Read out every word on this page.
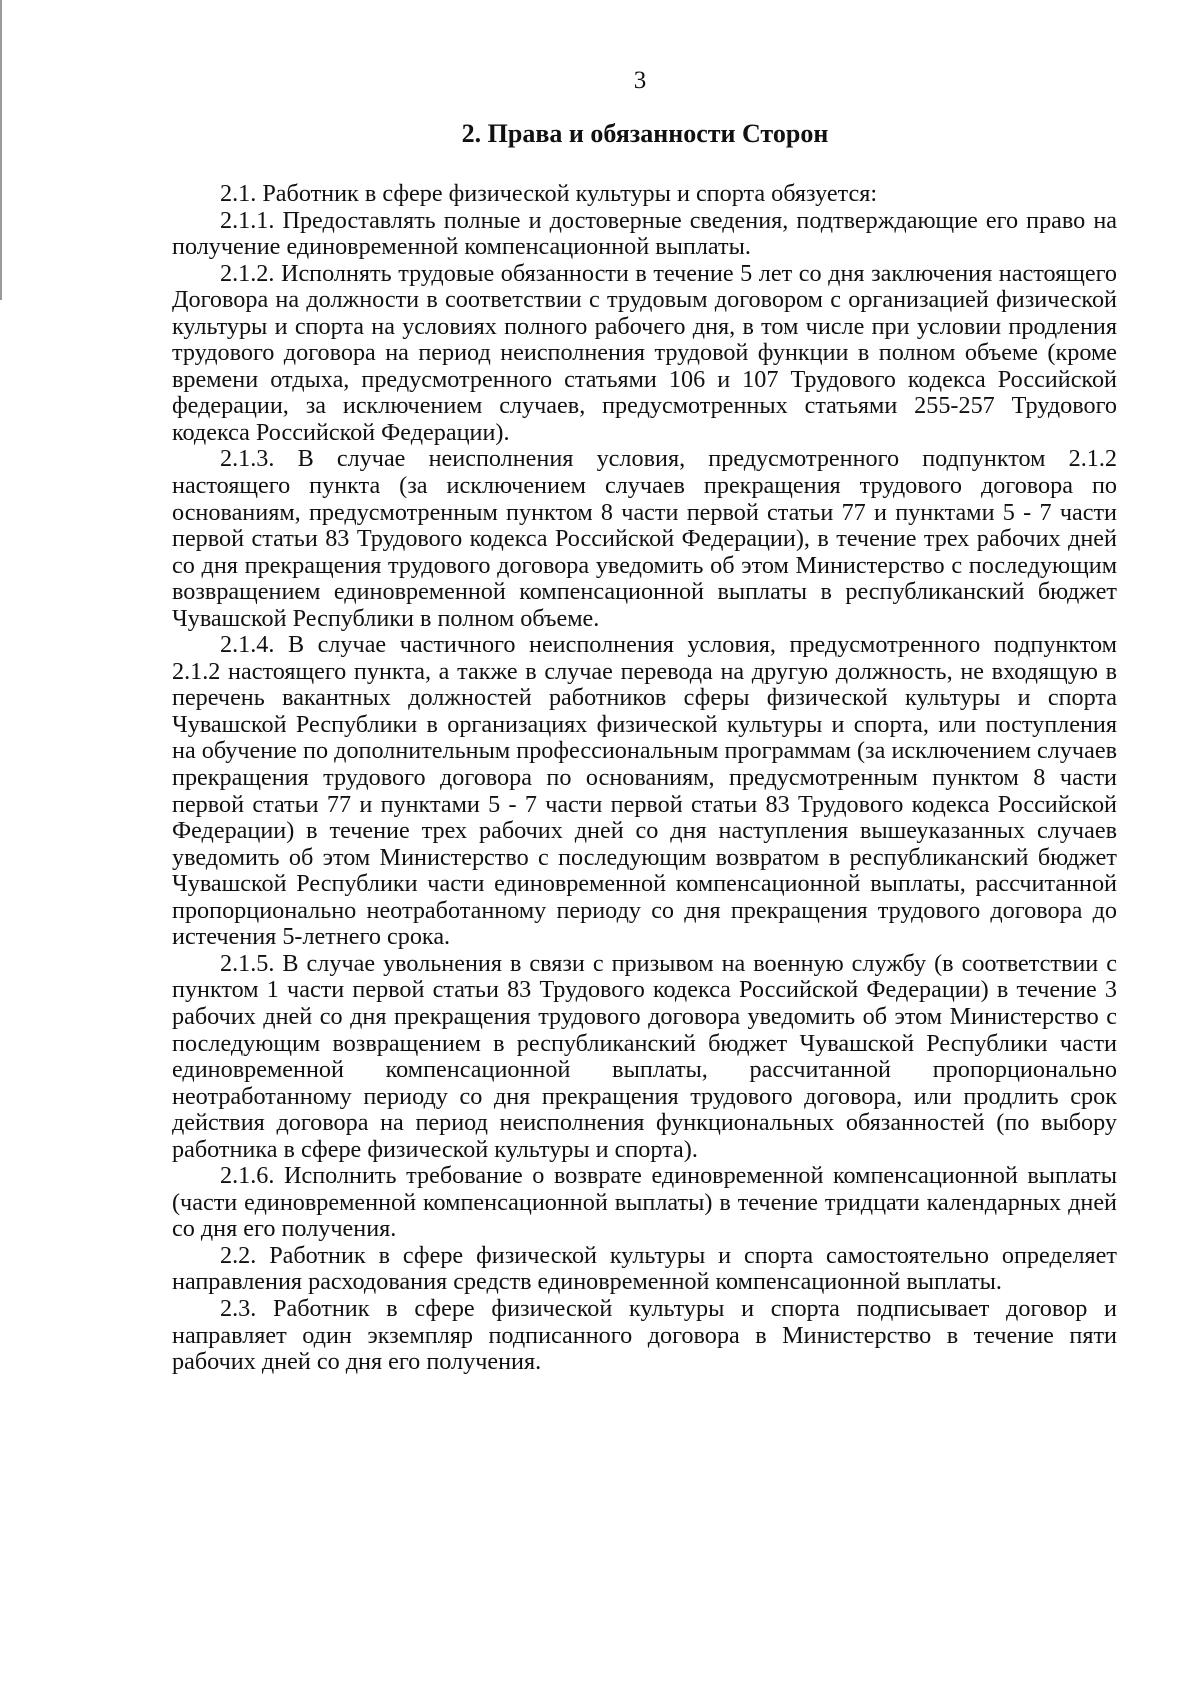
3
2. Права и обязанности Сторон

2.1. Работник в сфере физической культуры и спорта обязуется:

2.1.1. Предоставлять полные и достоверные сведения, подтверждающие его право на получение единовременной компенсационной выплаты.

2.1.2. Исполнять трудовые обязанности в течение 5 лет со дня заключения настоящего Договора на должности в соответствии с трудовым договором с организацией физической культуры и спорта на условиях полного рабочего дня, в том числе при условии продления трудового договора на период неисполнения трудовой функции в полном объеме (кроме времени отдыха, предусмотренного статьями 106 и 107 Трудового кодекса Российской федерации, за исключением случаев, предусмотренных статьями 255-257 Трудового кодекса Российской Федерации).

2.1.3. В случае неисполнения условия, предусмотренного подпунктом 2.1.2 настоящего пункта (за исключением случаев прекращения трудового договора по основаниям, предусмотренным пунктом 8 части первой статьи 77 и пунктами 5 - 7 части первой статьи 83 Трудового кодекса Российской Федерации), в течение трех рабочих дней со дня прекращения трудового договора уведомить об этом Министерство с последующим возвращением единовременной компенсационной выплаты в республиканский бюджет Чувашской Республики в полном объеме.

2.1.4. В случае частичного неисполнения условия, предусмотренного подпунктом 2.1.2 настоящего пункта, а также в случае перевода на другую должность, не входящую в перечень вакантных должностей работников сферы физической культуры и спорта Чувашской Республики в организациях физической культуры и спорта, или поступления на обучение по дополнительным профессиональным программам (за исключением случаев прекращения трудового договора по основаниям, предусмотренным пунктом 8 части первой статьи 77 и пунктами 5 - 7 части первой статьи 83 Трудового кодекса Российской Федерации) в течение трех рабочих дней со дня наступления вышеуказанных случаев уведомить об этом Министерство с последующим возвратом в республиканский бюджет Чувашской Республики части единовременной компенсационной выплаты, рассчитанной пропорционально неотработанному периоду со дня прекращения трудового договора до истечения 5-летнего срока.

2.1.5. В случае увольнения в связи с призывом на военную службу (в соответствии с пунктом 1 части первой статьи 83 Трудового кодекса Российской Федерации) в течение 3 рабочих дней со дня прекращения трудового договора уведомить об этом Министерство с последующим возвращением в республиканский бюджет Чувашской Республики части единовременной компенсационной выплаты, рассчитанной пропорционально неотработанному периоду со дня прекращения трудового договора, или продлить срок действия договора на период неисполнения функциональных обязанностей (по выбору работника в сфере физической культуры и спорта).

2.1.6. Исполнить требование о возврате единовременной компенсационной выплаты (части единовременной компенсационной выплаты) в течение тридцати календарных дней со дня его получения.

2.2. Работник в сфере физической культуры и спорта самостоятельно определяет направления расходования средств единовременной компенсационной выплаты.

2.3. Работник в сфере физической культуры и спорта подписывает договор и направляет один экземпляр подписанного договора в Министерство в течение пяти рабочих дней со дня его получения.
